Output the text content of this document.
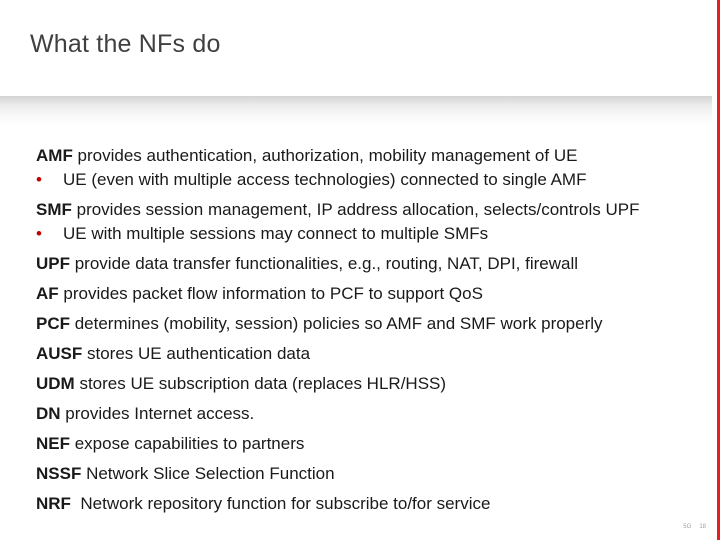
What the NFs do
AMF provides authentication, authorization, mobility management of UE
• UE (even with multiple access technologies) connected to single AMF
SMF provides session management, IP address allocation, selects/controls UPF
• UE with multiple sessions may connect to multiple SMFs
UPF provide data transfer functionalities, e.g., routing, NAT, DPI, firewall
AF provides packet flow information to PCF to support QoS
PCF determines (mobility, session) policies so AMF and SMF work properly
AUSF stores UE authentication data
UDM stores UE subscription data (replaces HLR/HSS)
DN provides Internet access.
NEF expose capabilities to partners
NSSF Network Slice Selection Function
NRF  Network repository function for subscribe to/for service
5G 18
